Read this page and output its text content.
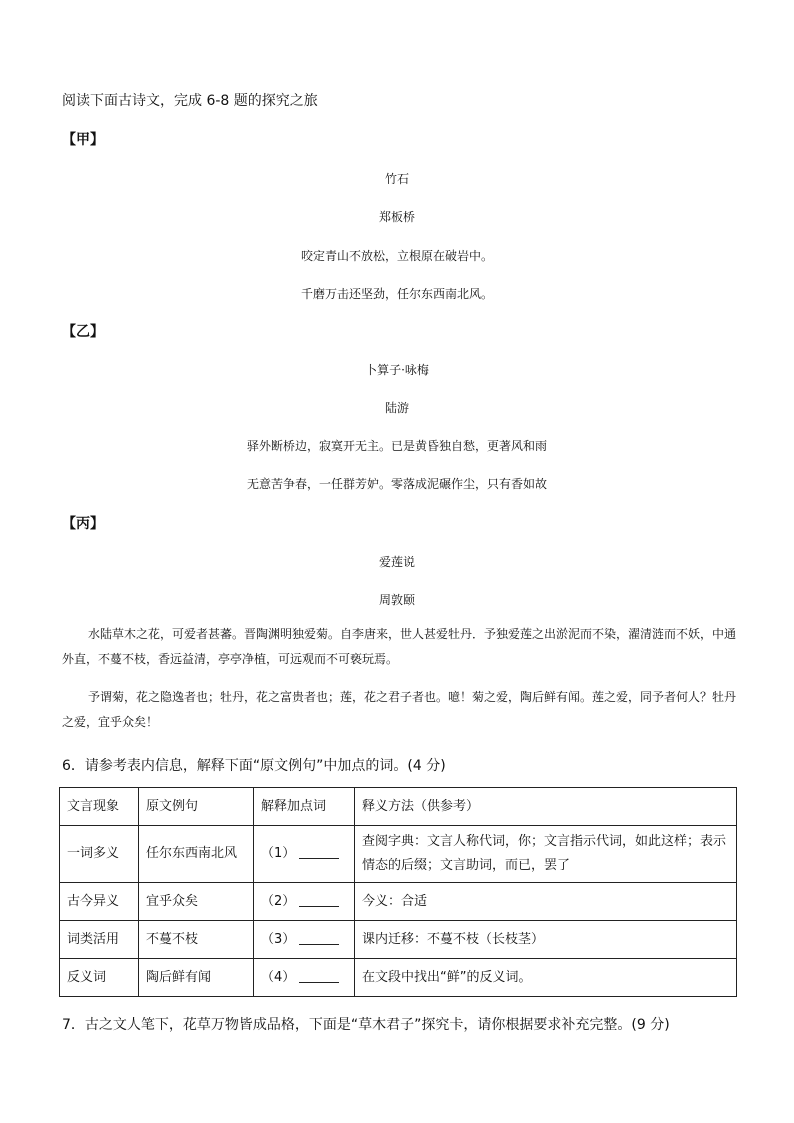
阅读下面古诗文，完成 6-8 题的探究之旅
【甲】
竹石
郑板桥
咬定青山不放松，立根原在破岩中。
千磨万击还坚劲，任尔东西南北风。
【乙】
卜算子·咏梅
陆游
驿外断桥边，寂寞开无主。已是黄昏独自愁，更著风和雨
无意苦争春，一任群芳妒。零落成泥碾作尘，只有香如故
【丙】
爱莲说
周敦颐
水陆草木之花，可爱者甚蕃。晋陶渊明独爱菊。自李唐来，世人甚爱牡丹．予独爱莲之出淤泥而不染，濯清涟而不妖，中通外直，不蔓不枝，香远益清，亭亭净植，可远观而不可亵玩焉。
予谓菊，花之隐逸者也；牡丹，花之富贵者也；莲，花之君子者也。噫！菊之爱，陶后鲜有闻。莲之爱，同予者何人？牡丹之爱，宜乎众矣！
6．请参考表内信息，解释下面“原文例句”中加点的词。(4 分)
文言现象	原文例句	解释加点词	释义方法（供参考）
一词多义	任尔东西南北风	（1）	查阅字典：文言人称代词，你；文言指示代词，如此这样；表示情态的后缀；文言助词，而已，罢了
古今异义	宜乎众矣	（2）	今义：合适
词类活用	不蔓不枝	（3）	课内迁移：不蔓不枝（长枝茎）
反义词	陶后鲜有闻	（4）	在文段中找出“鲜”的反义词。
7．古之文人笔下，花草万物皆成品格，下面是“草木君子”探究卡，请你根据要求补充完整。(9 分)
